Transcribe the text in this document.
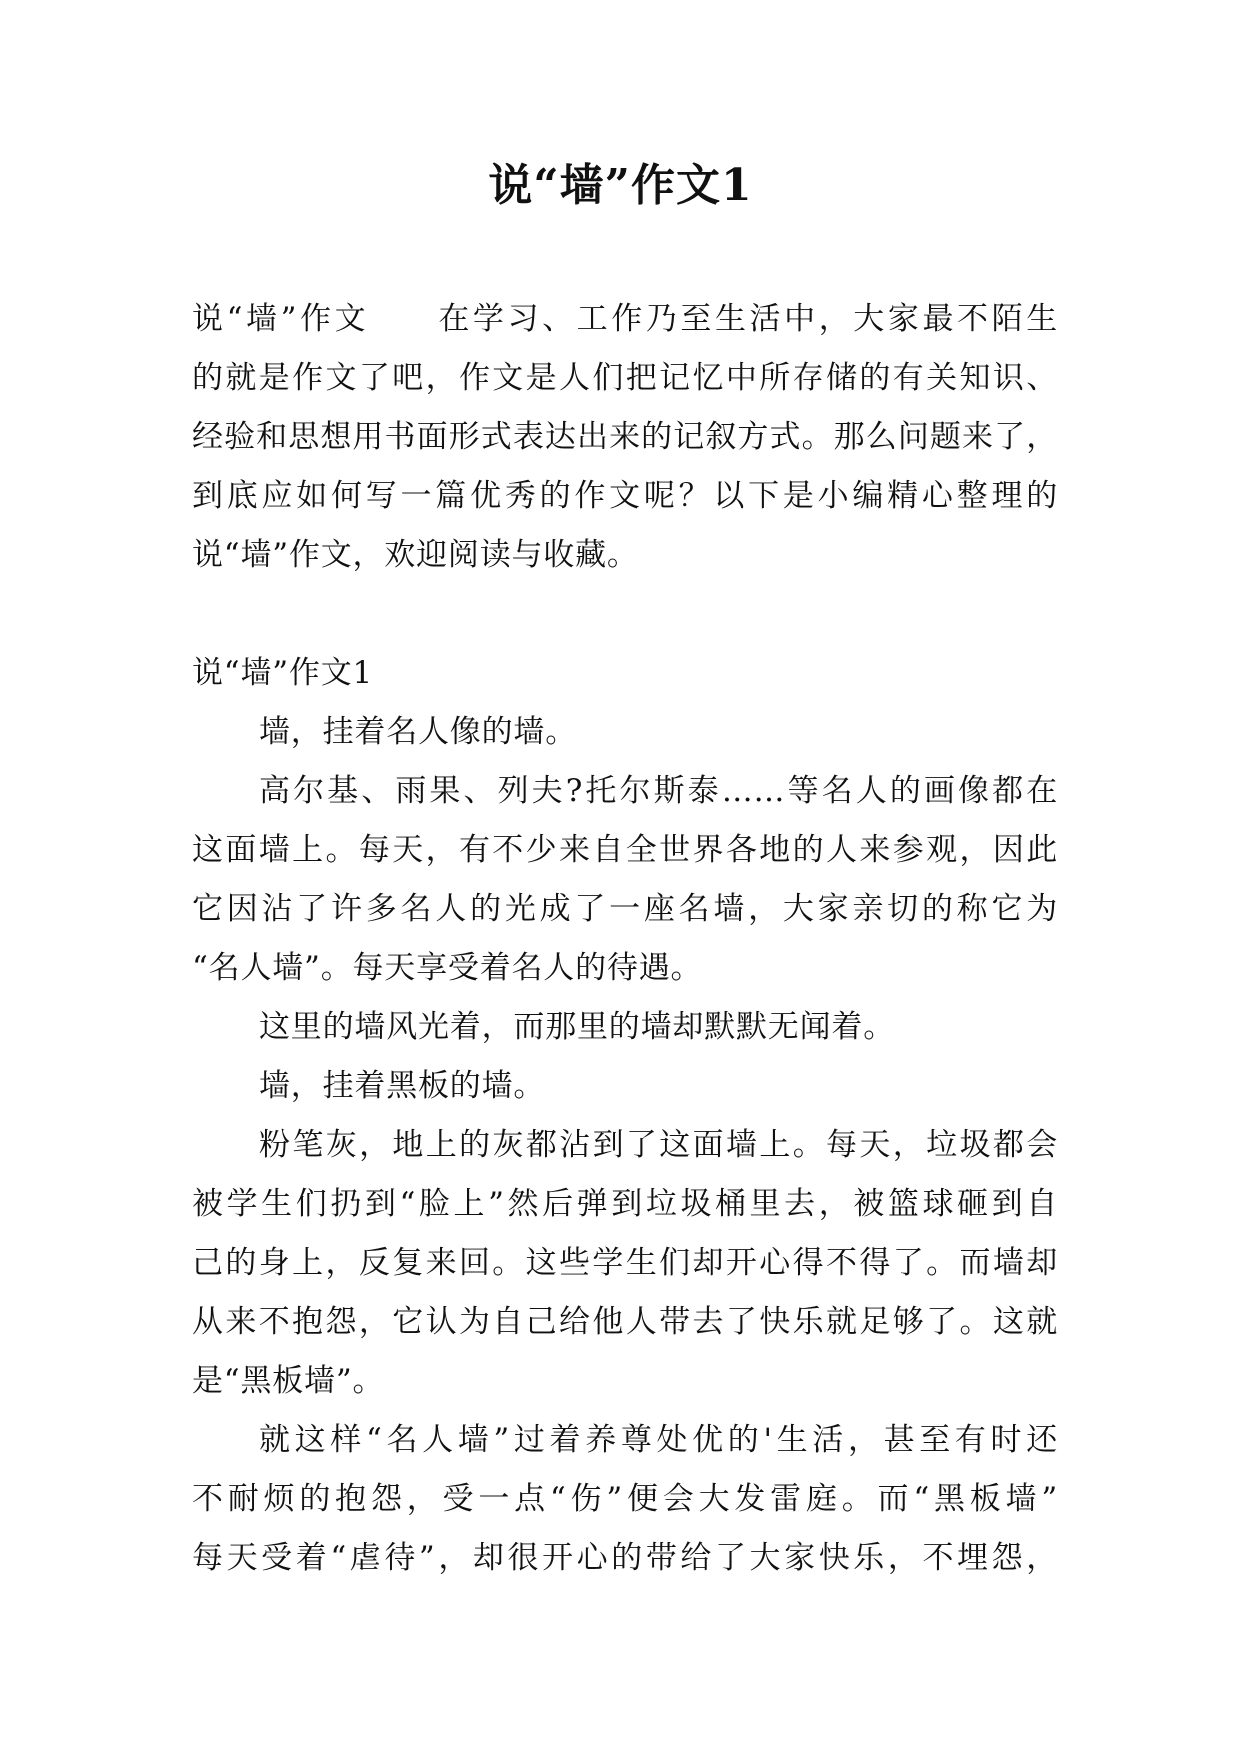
说“墙”作文1
说“墙”作文　　在学习、工作乃至生活中，大家最不陌生
的就是作文了吧，作文是人们把记忆中所存储的有关知识、
经验和思想用书面形式表达出来的记叙方式。那么问题来了，
到底应如何写一篇优秀的作文呢？以下是小编精心整理的
说“墙”作文，欢迎阅读与收藏。
说“墙”作文1
墙，挂着名人像的墙。
高尔基、雨果、列夫?托尔斯泰……等名人的画像都在
这面墙上。每天，有不少来自全世界各地的人来参观，因此
它因沾了许多名人的光成了一座名墙，大家亲切的称它为
“名人墙”。每天享受着名人的待遇。
这里的墙风光着，而那里的墙却默默无闻着。
墙，挂着黑板的墙。
粉笔灰，地上的灰都沾到了这面墙上。每天，垃圾都会
被学生们扔到“脸上”然后弹到垃圾桶里去，被篮球砸到自
己的身上，反复来回。这些学生们却开心得不得了。而墙却
从来不抱怨，它认为自己给他人带去了快乐就足够了。这就
是“黑板墙”。
就这样“名人墙”过着养尊处优的'生活，甚至有时还
不耐烦的抱怨，受一点“伤”便会大发雷庭。而“黑板墙”
每天受着“虐待”，却很开心的带给了大家快乐，不埋怨，
